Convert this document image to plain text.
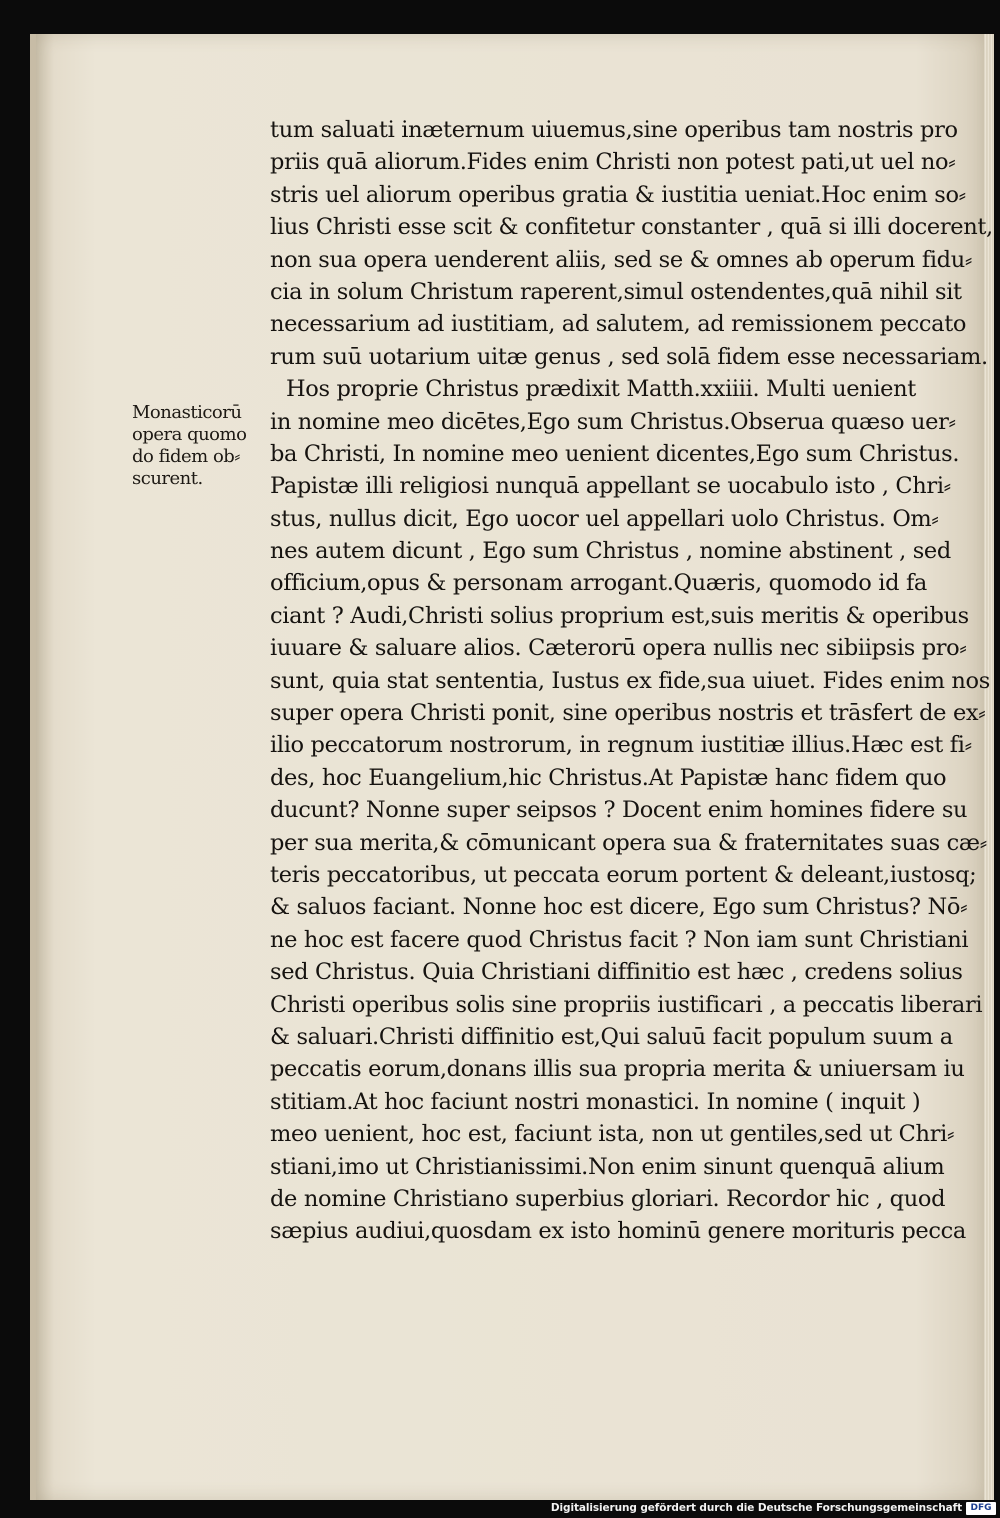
Monasticorū
opera quomo
do fidem ob⸗
scurent.
tum saluati inæternum uiuemus,sine operibus tam nostris pro
priis quā aliorum.Fides enim Christi non potest pati,ut uel no⸗
stris uel aliorum operibus gratia & iustitia ueniat.Hoc enim so⸗
lius Christi esse scit & confitetur constanter , quā si illi docerent,
non sua opera uenderent aliis, sed se & omnes ab operum fidu⸗
cia in solum Christum raperent,simul ostendentes,quā nihil sit
necessarium ad iustitiam, ad salutem, ad remissionem peccato
rum suū uotarium uitæ genus , sed solā fidem esse necessariam.
Hos proprie Christus prædixit Matth.xxiiii. Multi uenient
in nomine meo dicētes,Ego sum Christus.Obserua quæso uer⸗
ba Christi, In nomine meo uenient dicentes,Ego sum Christus.
Papistæ illi religiosi nunquā appellant se uocabulo isto , Chri⸗
stus, nullus dicit, Ego uocor uel appellari uolo Christus. Om⸗
nes autem dicunt , Ego sum Christus , nomine abstinent , sed
officium,opus & personam arrogant.Quæris, quomodo id fa
ciant ? Audi,Christi solius proprium est,suis meritis & operibus
iuuare & saluare alios. Cæterorū opera nullis nec sibiipsis pro⸗
sunt, quia stat sententia, Iustus ex fide,sua uiuet. Fides enim nos
super opera Christi ponit, sine operibus nostris et trāsfert de ex⸗
ilio peccatorum nostrorum, in regnum iustitiæ illius.Hæc est fi⸗
des, hoc Euangelium,hic Christus.At Papistæ hanc fidem quo
ducunt? Nonne super seipsos ? Docent enim homines fidere su
per sua merita,& cōmunicant opera sua & fraternitates suas cæ⸗
teris peccatoribus, ut peccata eorum portent & deleant,iustosq;
& saluos faciant. Nonne hoc est dicere, Ego sum Christus? Nō⸗
ne hoc est facere quod Christus facit ? Non iam sunt Christiani
sed Christus. Quia Christiani diffinitio est hæc , credens solius
Christi operibus solis sine propriis iustificari , a peccatis liberari
& saluari.Christi diffinitio est,Qui saluū facit populum suum a
peccatis eorum,donans illis sua propria merita & uniuersam iu
stitiam.At hoc faciunt nostri monastici. In nomine ( inquit )
meo uenient, hoc est, faciunt ista, non ut gentiles,sed ut Chri⸗
stiani,imo ut Christianissimi.Non enim sinunt quenquā alium
de nomine Christiano superbius gloriari. Recordor hic , quod
sæpius audiui,quosdam ex isto hominū genere morituris pecca
Digitalisierung gefördert durch die Deutsche Forschungsgemeinschaft DFG
